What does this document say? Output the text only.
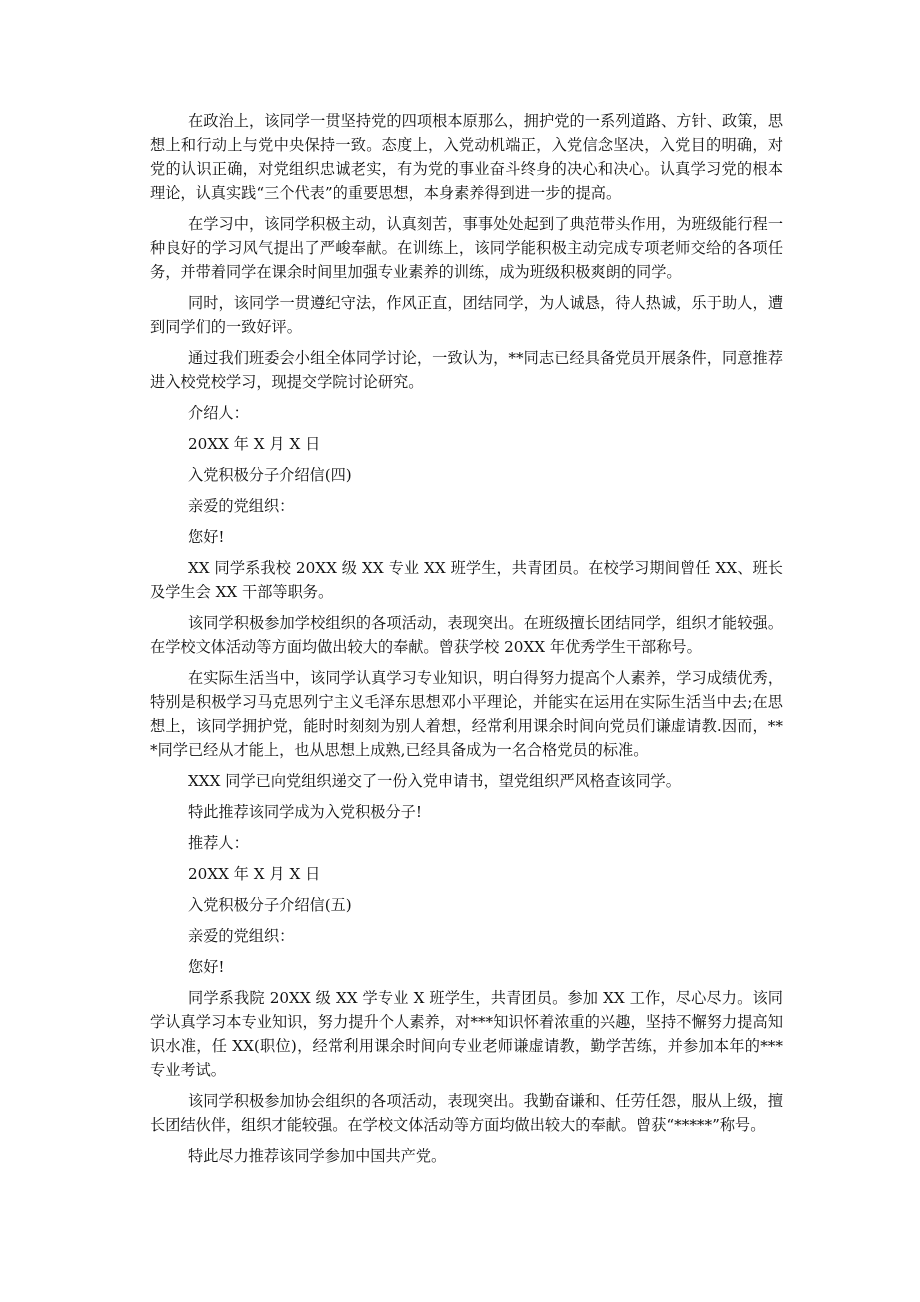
在政治上，该同学一贯坚持党的四项根本原那么，拥护党的一系列道路、方针、政策，思想上和行动上与党中央保持一致。态度上，入党动机端正，入党信念坚决，入党目的明确，对党的认识正确，对党组织忠诚老实，有为党的事业奋斗终身的决心和决心。认真学习党的根本理论，认真实践“三个代表”的重要思想，本身素养得到进一步的提高。

在学习中，该同学积极主动，认真刻苦，事事处处起到了典范带头作用，为班级能行程一种良好的学习风气提出了严峻奉献。在训练上，该同学能积极主动完成专项老师交给的各项任务，并带着同学在课余时间里加强专业素养的训练，成为班级积极爽朗的同学。

同时，该同学一贯遵纪守法，作风正直，团结同学，为人诚恳，待人热诚，乐于助人，遭到同学们的一致好评。

通过我们班委会小组全体同学讨论，一致认为，**同志已经具备党员开展条件，同意推荐进入校党校学习，现提交学院讨论研究。

介绍人：

20XX 年 X 月 X 日

入党积极分子介绍信(四)

亲爱的党组织：

您好!

XX 同学系我校 20XX 级 XX 专业 XX 班学生，共青团员。在校学习期间曾任 XX、班长及学生会 XX 干部等职务。

该同学积极参加学校组织的各项活动，表现突出。在班级擅长团结同学，组织才能较强。在学校文体活动等方面均做出较大的奉献。曾获学校 20XX 年优秀学生干部称号。

在实际生活当中，该同学认真学习专业知识，明白得努力提高个人素养，学习成绩优秀，特别是积极学习马克思列宁主义毛泽东思想邓小平理论，并能实在运用在实际生活当中去;在思想上，该同学拥护党，能时时刻刻为别人着想，经常利用课余时间向党员们谦虚请教.因而，***同学已经从才能上，也从思想上成熟,已经具备成为一名合格党员的标准。

XXX 同学已向党组织递交了一份入党申请书，望党组织严风格查该同学。

特此推荐该同学成为入党积极分子!

推荐人：

20XX 年 X 月 X 日

入党积极分子介绍信(五)

亲爱的党组织：

您好!

同学系我院 20XX 级 XX 学专业 X 班学生，共青团员。参加 XX 工作，尽心尽力。该同学认真学习本专业知识，努力提升个人素养，对***知识怀着浓重的兴趣，坚持不懈努力提高知识水准，任 XX(职位)，经常利用课余时间向专业老师谦虚请教，勤学苦练，并参加本年的***专业考试。

该同学积极参加协会组织的各项活动，表现突出。我勤奋谦和、任劳任怨，服从上级，擅长团结伙伴，组织才能较强。在学校文体活动等方面均做出较大的奉献。曾获“*****”称号。

特此尽力推荐该同学参加中国共产党。
